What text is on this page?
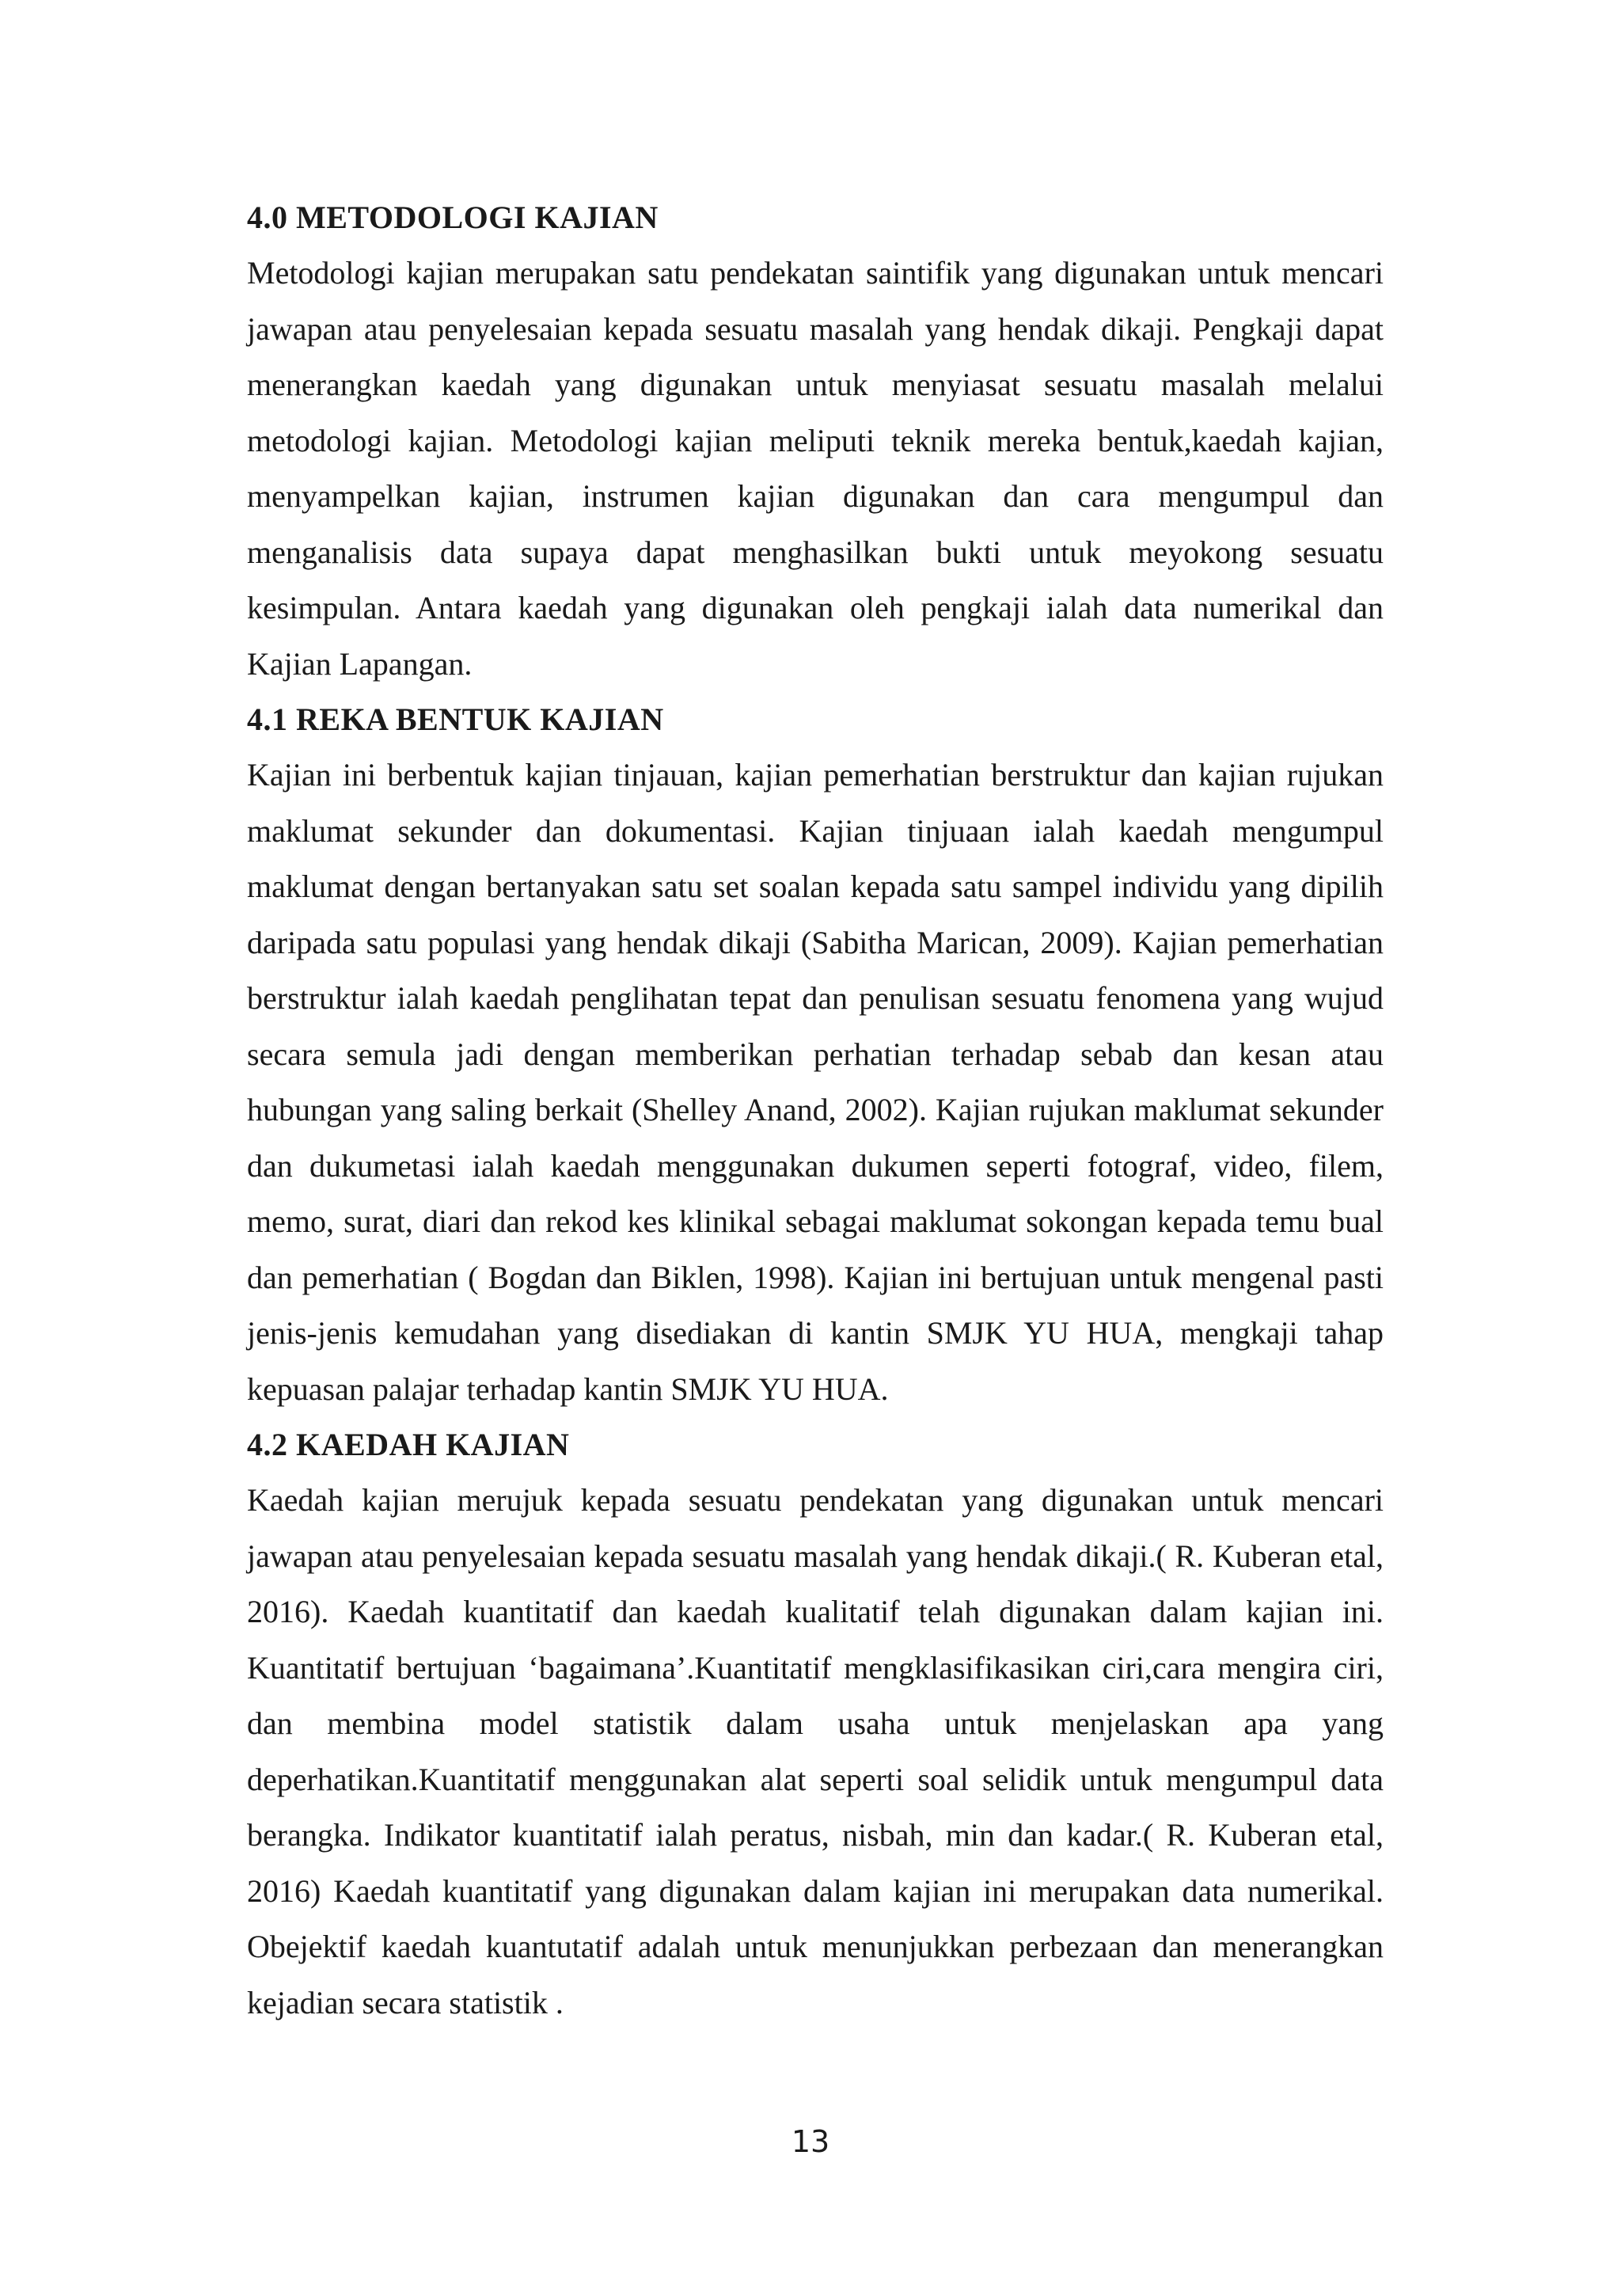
4.0 METODOLOGI KAJIAN

Metodologi kajian merupakan satu pendekatan saintifik yang digunakan untuk mencari jawapan atau penyelesaian kepada sesuatu masalah yang hendak dikaji. Pengkaji dapat menerangkan kaedah yang digunakan untuk menyiasat sesuatu masalah melalui metodologi kajian. Metodologi kajian meliputi teknik mereka bentuk,kaedah kajian, menyampelkan kajian, instrumen kajian digunakan dan cara mengumpul dan menganalisis data supaya dapat menghasilkan bukti untuk meyokong sesuatu kesimpulan. Antara kaedah yang digunakan oleh pengkaji ialah data numerikal dan Kajian Lapangan.

4.1 REKA BENTUK KAJIAN

Kajian ini berbentuk kajian tinjauan, kajian pemerhatian berstruktur dan kajian rujukan maklumat sekunder dan dokumentasi. Kajian tinjuaan ialah kaedah mengumpul maklumat dengan bertanyakan satu set soalan kepada satu sampel individu yang dipilih daripada satu populasi yang hendak dikaji (Sabitha Marican, 2009). Kajian pemerhatian berstruktur ialah kaedah penglihatan tepat dan penulisan sesuatu fenomena yang wujud secara semula jadi dengan memberikan perhatian terhadap sebab dan kesan atau hubungan yang saling berkait (Shelley Anand, 2002). Kajian rujukan maklumat sekunder dan dukumetasi ialah kaedah menggunakan dukumen seperti fotograf, video, filem, memo, surat, diari dan rekod kes klinikal sebagai maklumat sokongan kepada temu bual dan pemerhatian ( Bogdan dan Biklen, 1998). Kajian ini bertujuan untuk mengenal pasti jenis-jenis kemudahan yang disediakan di kantin SMJK YU HUA, mengkaji tahap kepuasan palajar terhadap kantin SMJK YU HUA.

4.2 KAEDAH KAJIAN

Kaedah kajian merujuk kepada sesuatu pendekatan yang digunakan untuk mencari jawapan atau penyelesaian kepada sesuatu masalah yang hendak dikaji.( R. Kuberan etal, 2016). Kaedah kuantitatif dan kaedah kualitatif telah digunakan dalam kajian ini. Kuantitatif bertujuan ‘bagaimana’.Kuantitatif mengklasifikasikan ciri,cara mengira ciri, dan membina model statistik dalam usaha untuk menjelaskan apa yang deperhatikan.Kuantitatif menggunakan alat seperti soal selidik untuk mengumpul data berangka. Indikator kuantitatif ialah peratus, nisbah, min dan kadar.( R. Kuberan etal, 2016) Kaedah kuantitatif yang digunakan dalam kajian ini merupakan data numerikal. Obejektif kaedah kuantutatif adalah untuk menunjukkan perbezaan dan menerangkan kejadian secara statistik .

13
